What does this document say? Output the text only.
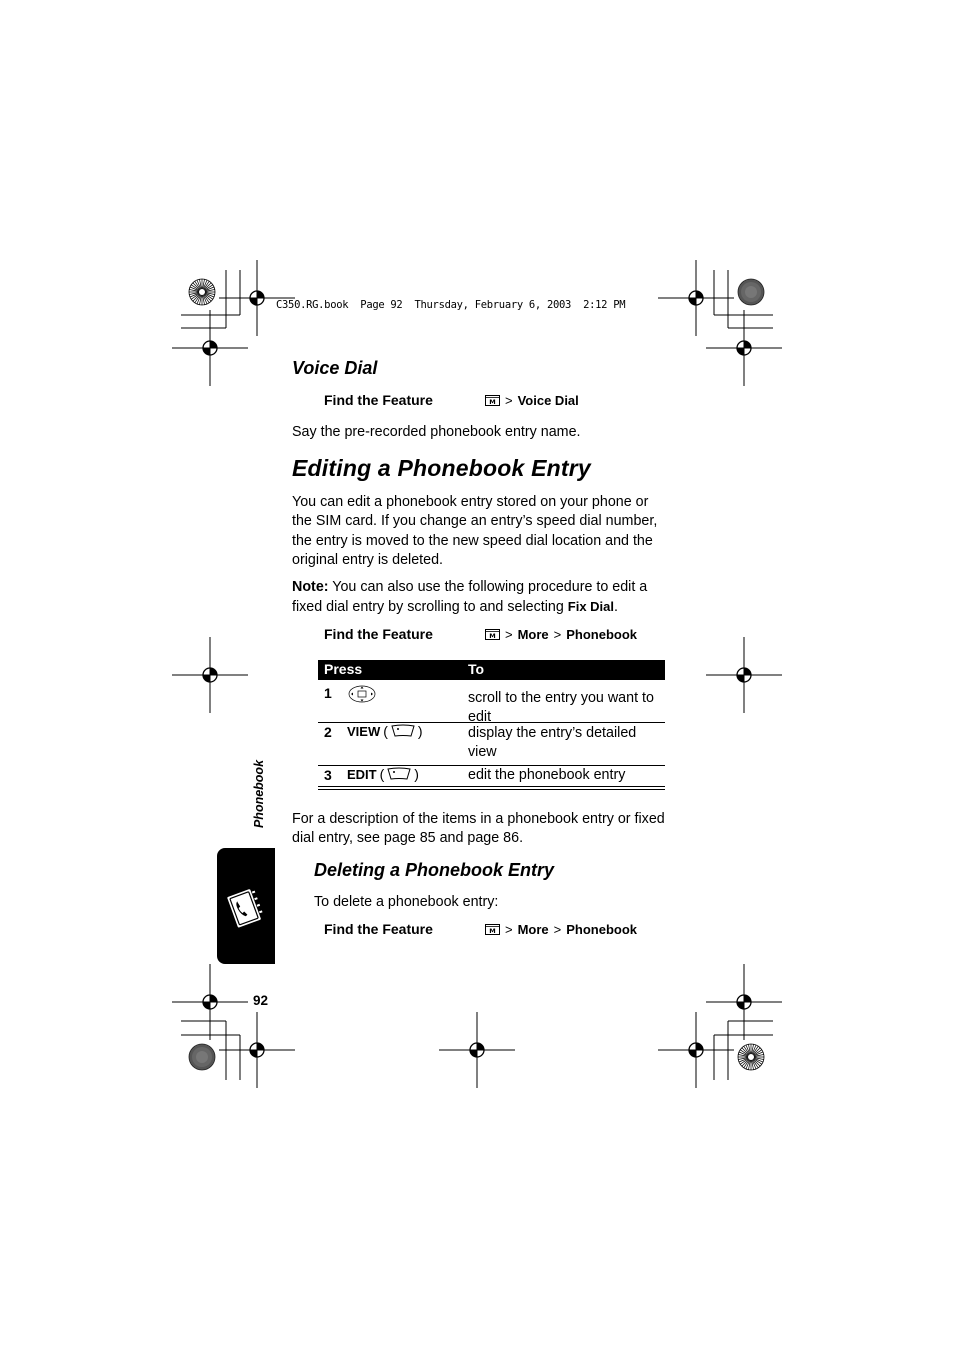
C350.RG.book  Page 92  Thursday, February 6, 2003  2:12 PM
Voice Dial
Find the Feature	M > Voice Dial
Say the pre-recorded phonebook entry name.
Editing a Phonebook Entry
You can edit a phonebook entry stored on your phone or
the SIM card. If you change an entry’s speed dial number,
the entry is moved to the new speed dial location and the
original entry is deleted.
Note: You can also use the following procedure to edit a
fixed dial entry by scrolling to and selecting Fix Dial.
Find the Feature	M > More > Phonebook
Press	To
1	scroll to the entry you want to
edit
2 VIEW ( )	display the entry’s detailed
view
3 EDIT ( )	edit the phonebook entry
For a description of the items in a phonebook entry or fixed
dial entry, see page 85 and page 86.
Deleting a Phonebook Entry
To delete a phonebook entry:
Find the Feature	M > More > Phonebook
Phonebook
92
